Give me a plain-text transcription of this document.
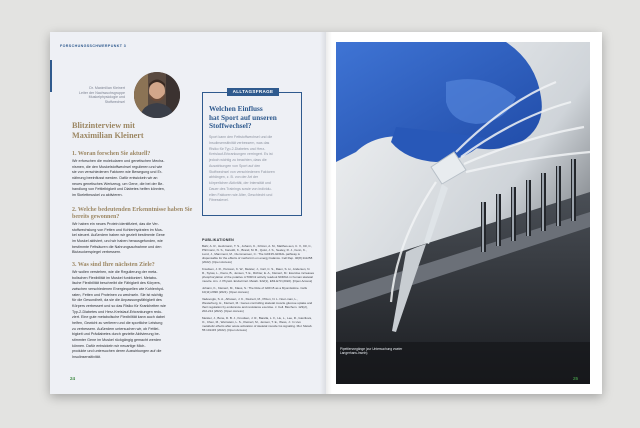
FORSCHUNGSSCHWERPUNKT 3
Dr. Maximilian Kleinert
Leiter der Nachwuchsgruppe
Muskelphysiologie und
Stoffwechsel
Blitzinterview mit
Maximilian Kleinert
1. Woran forschen Sie aktuell?
Wir erforschen die molekularen und genetischen Mecha-
nismen, die den Muskelstoffwechsel regulieren und wie
sie von verschiedenen Faktoren wie Bewegung und Er-
nährung beeinflusst werden. Dafür entwickeln wir an
neues genetisches Werkzeug, um Gene, die bei der Be-
handlung von Fettleibigkeit und Diabetes helfen könnten,
im Skelettmuskel zu aktivieren.
2. Welche bedeutenden Erkenntnisse haben Sie bereits gewonnen?
Wir haben ein neues Protein identifiziert, das die Ver-
stoffwechslung von Fetten und Kohlenhydraten im Mus-
kel steuert. Außerdem haben wir gezielt bestimmte Gene
im Muskel aktiviert, und wir haben herausgefunden, wie
bestimmte Fettsäuren die Nahrungsaufnahme und den
Blutzuckerspiegel verbessern.
3. Was sind Ihre nächsten Ziele?
Wir wollen verstehen, wie die Regulierung der meta-
bolischen Flexibilität im Muskel funktioniert. Metabo-
lische Flexibilität beschreibt die Fähigkeit des Körpers,
zwischen verschiedenen Energiequellen wie Kohlenhyd-
raten, Fetten und Proteinen zu wechseln. Sie ist wichtig
für die Gesundheit, da sie die Anpassungsfähigkeit des
Körpers verbessert und so das Risiko für Krankheiten wie
Typ-2-Diabetes und Herz-Kreislauf-Erkrankungen redu-
ziert. Eine gute metabolische Flexibilität kann auch dabei
helfen, Gewicht zu verlieren und die sportliche Leistung
zu verbessern. Außerdem untersuchen wir, ob Fettlei-
bigkeit und Prädiabetes durch gezielte Aktivierung be-
stimmter Gene im Muskel rückgängig gemacht werden
können. Dafür entwickeln wir neuartige Mich-
produkte und untersuchen deren Auswirkungen auf die
Insulinsensitivität.
Welchen Einfluss
hat Sport auf unseren
Stoffwechsel?
Sport kann den Fettstoffwechsel und die
Insulinsensitivität verbessern, was das
Risiko für Typ-2-Diabetes und Herz-
Kreislauf-Erkrankungen verringert. Es ist
jedoch wichtig zu beachten, dass die
Auswirkungen von Sport auf den
Stoffwechsel von verschiedenen Faktoren
abhängen, z. B. von der Art der
körperlichen Aktivität, der Intensität und
Dauer des Trainings sowie von individu-
ellen Faktoren wie Alter, Geschlecht und
Fitnesslevel.
ALLTAGSFRAGE
PUBLIKATIONEN
Bahr, A. R., Heckmann, T. S., Johann, K., Fritzen, A. M., Matthes-sen, C. V., Dil, C., Pfirrmann, N. S., Kanoldt, K., Brand, M. B., Quist, J. S., Seeley, R. J., Fenn, K., Lund, J., Mamment, M., Clemmensen, C.: The GDF15-GFRAL pathway is dispensable for the effects of metformin on energy balance. Cell Rep. 40(8):111258 (2022). [Open Access]
Knudsen, J. R., Persson, K. W., Meister, J., Carl, C. S., Raun, S. H., Andersen, N. R., Sylow, L., Kiens, B., Jensen, T. E., Richter, E. A., Kleinert, M.: Exercise increases phosphorylation of the putative mTORC2 activity readout NDRG1 in human skeletal muscle. Am. J. Physiol. Endocrinol. Metab. 322(1), E63-E73 (2022). [Open Access]
Johann, K., Kleinert, M., Klaus, S.: The Role of GDF15 as a Myomitokine. Cells 10(11):2990 (2021). [Open Access]
Vadevoglu, S. A., Alhusen, J. K., Kleinert, M., Pilzen, N. L. Noor-man, L., Westerberg, H., Kleinert, M.: Genes controlling skeletal muscle glucose uptake and their regulation by endurance and resistance exercise. J. Cell. Biochem. 123(2), 202-214 (2022). [Open Access]
Meister, J., Bone, D. B. J., Knudsen, J. R., Barella, L. F., Liu, L., Lee, R., Gavrilova, O., Chen, M., Weinstein, L. S., Kleinert, M., Jensen, T. E., Wess, J.: In vivo metabolic effects after acute activation of skeletal muscle Gs signaling. Mol. Metab. 55:101415 (2022). [Open Access]
24
Pipettiervorgänge (zur Untersuchung zweier
Langerhans-Inseln)
25
